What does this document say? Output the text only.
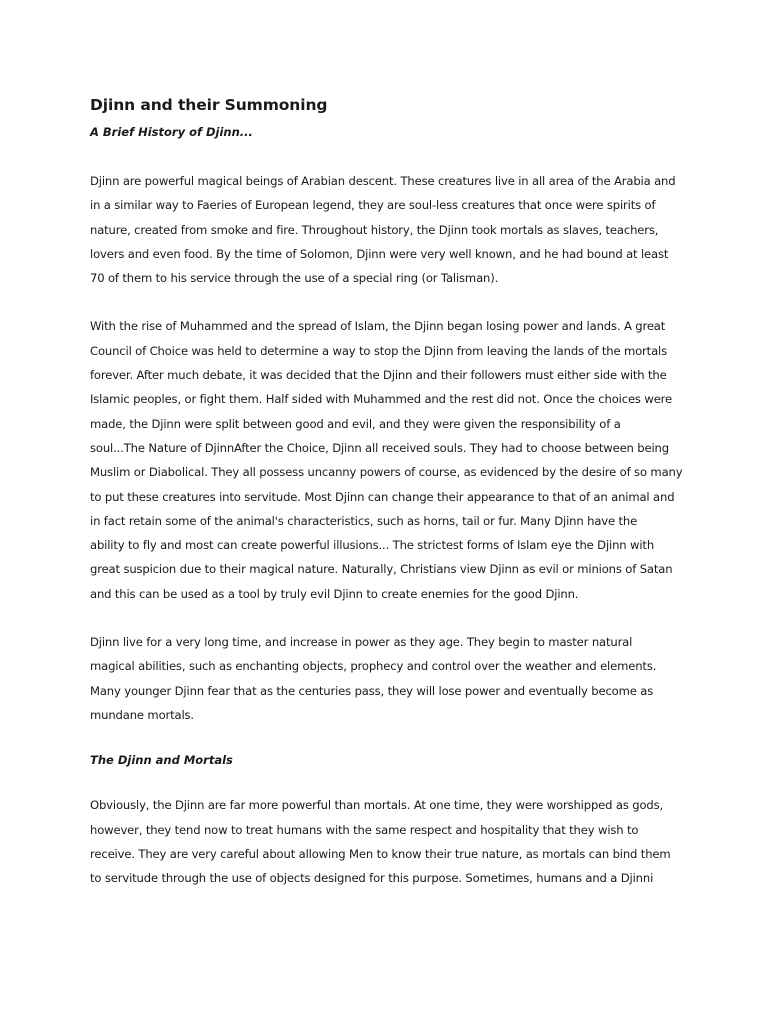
Djinn and their Summoning
A Brief History of Djinn...

Djinn are powerful magical beings of Arabian descent. These creatures live in all area of the Arabia and
in a similar way to Faeries of European legend, they are soul-less creatures that once were spirits of
nature, created from smoke and fire. Throughout history, the Djinn took mortals as slaves, teachers,
lovers and even food. By the time of Solomon, Djinn were very well known, and he had bound at least
70 of them to his service through the use of a special ring (or Talisman).

With the rise of Muhammed and the spread of Islam, the Djinn began losing power and lands. A great
Council of Choice was held to determine a way to stop the Djinn from leaving the lands of the mortals
forever. After much debate, it was decided that the Djinn and their followers must either side with the
Islamic peoples, or fight them. Half sided with Muhammed and the rest did not. Once the choices were
made, the Djinn were split between good and evil, and they were given the responsibility of a
soul...The Nature of DjinnAfter the Choice, Djinn all received souls. They had to choose between being
Muslim or Diabolical. They all possess uncanny powers of course, as evidenced by the desire of so many
to put these creatures into servitude. Most Djinn can change their appearance to that of an animal and
in fact retain some of the animal's characteristics, such as horns, tail or fur. Many Djinn have the
ability to fly and most can create powerful illusions... The strictest forms of Islam eye the Djinn with
great suspicion due to their magical nature. Naturally, Christians view Djinn as evil or minions of Satan
and this can be used as a tool by truly evil Djinn to create enemies for the good Djinn.

Djinn live for a very long time, and increase in power as they age. They begin to master natural
magical abilities, such as enchanting objects, prophecy and control over the weather and elements.
Many younger Djinn fear that as the centuries pass, they will lose power and eventually become as
mundane mortals.

The Djinn and Mortals

Obviously, the Djinn are far more powerful than mortals. At one time, they were worshipped as gods,
however, they tend now to treat humans with the same respect and hospitality that they wish to
receive. They are very careful about allowing Men to know their true nature, as mortals can bind them
to servitude through the use of objects designed for this purpose. Sometimes, humans and a Djinni
